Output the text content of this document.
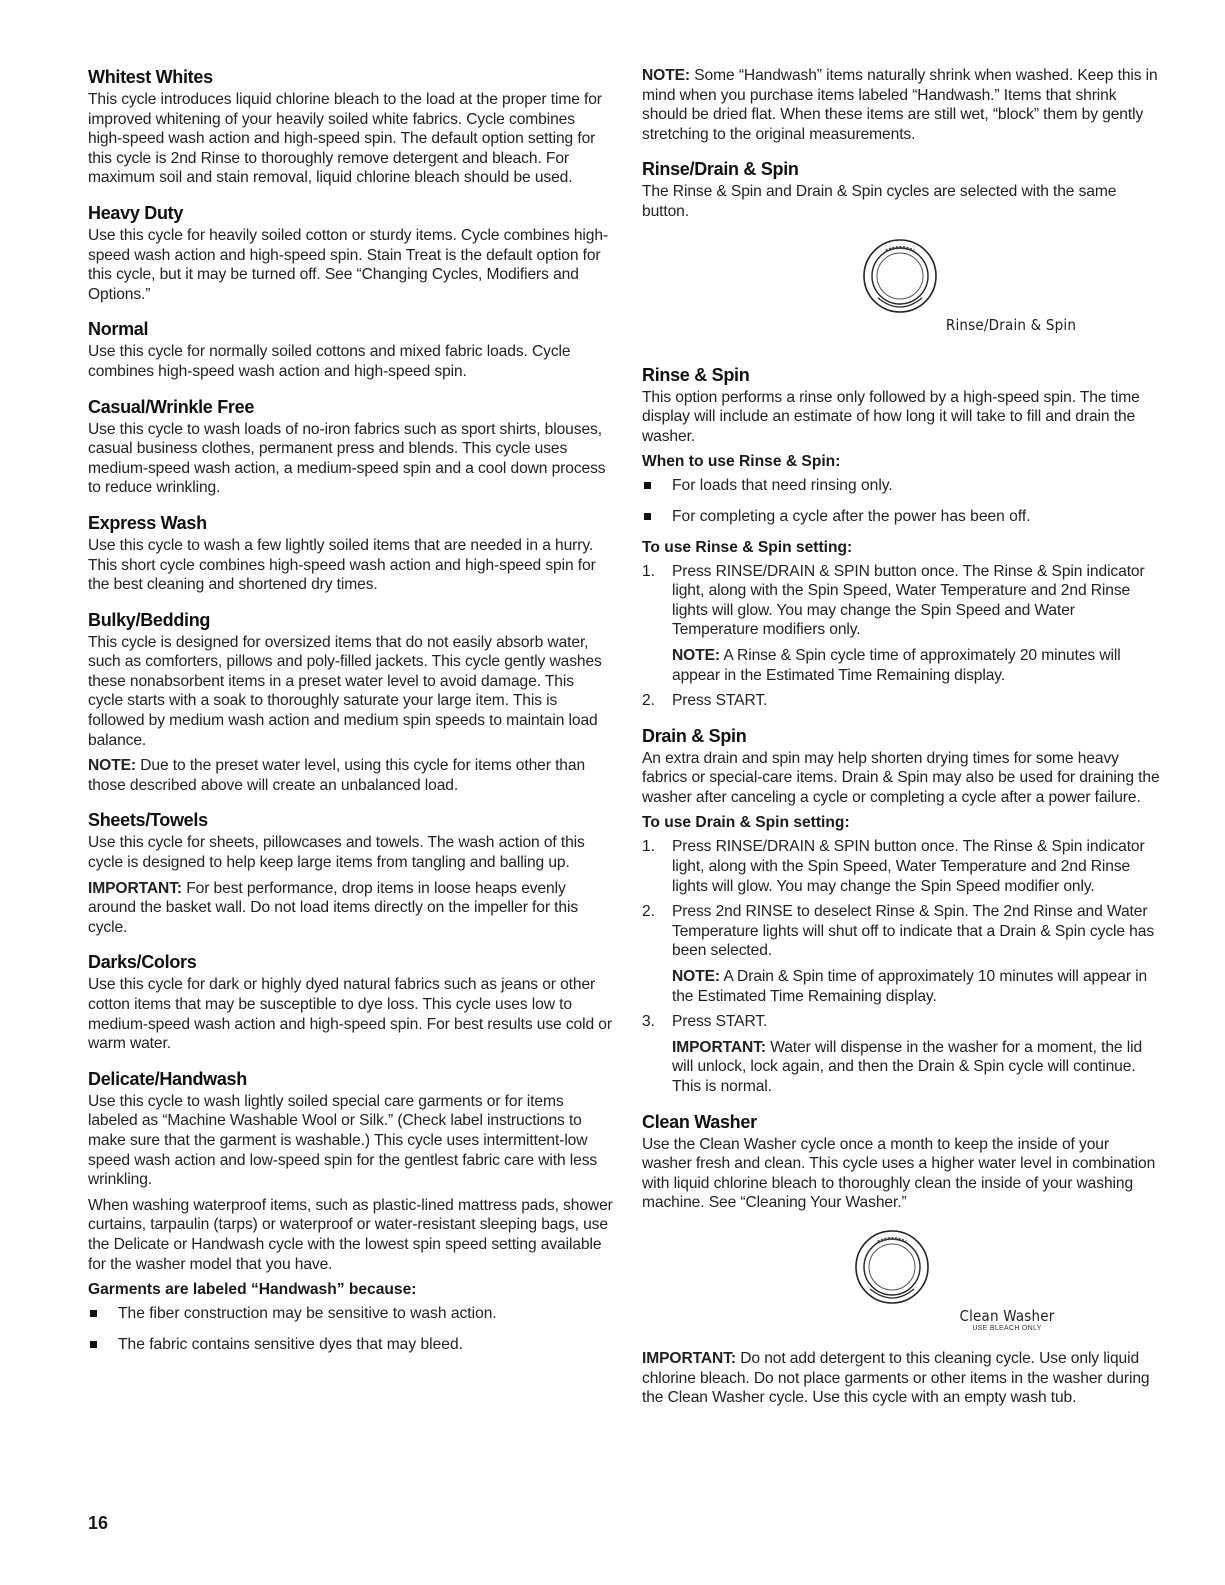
Whitest Whites

This cycle introduces liquid chlorine bleach to the load at the proper time for improved whitening of your heavily soiled white fabrics. Cycle combines high-speed wash action and high-speed spin. The default option setting for this cycle is 2nd Rinse to thoroughly remove detergent and bleach. For maximum soil and stain removal, liquid chlorine bleach should be used.

Heavy Duty

Use this cycle for heavily soiled cotton or sturdy items. Cycle combines high-speed wash action and high-speed spin. Stain Treat is the default option for this cycle, but it may be turned off. See “Changing Cycles, Modifiers and Options.”

Normal

Use this cycle for normally soiled cottons and mixed fabric loads. Cycle combines high-speed wash action and high-speed spin.

Casual/Wrinkle Free

Use this cycle to wash loads of no-iron fabrics such as sport shirts, blouses, casual business clothes, permanent press and blends. This cycle uses medium-speed wash action, a medium-speed spin and a cool down process to reduce wrinkling.

Express Wash

Use this cycle to wash a few lightly soiled items that are needed in a hurry. This short cycle combines high-speed wash action and high-speed spin for the best cleaning and shortened dry times.

Bulky/Bedding

This cycle is designed for oversized items that do not easily absorb water, such as comforters, pillows and poly-filled jackets. This cycle gently washes these nonabsorbent items in a preset water level to avoid damage. This cycle starts with a soak to thoroughly saturate your large item. This is followed by medium wash action and medium spin speeds to maintain load balance.

NOTE: Due to the preset water level, using this cycle for items other than those described above will create an unbalanced load.

Sheets/Towels

Use this cycle for sheets, pillowcases and towels. The wash action of this cycle is designed to help keep large items from tangling and balling up.

IMPORTANT: For best performance, drop items in loose heaps evenly around the basket wall. Do not load items directly on the impeller for this cycle.

Darks/Colors

Use this cycle for dark or highly dyed natural fabrics such as jeans or other cotton items that may be susceptible to dye loss. This cycle uses low to medium-speed wash action and high-speed spin. For best results use cold or warm water.

Delicate/Handwash

Use this cycle to wash lightly soiled special care garments or for items labeled as “Machine Washable Wool or Silk.” (Check label instructions to make sure that the garment is washable.) This cycle uses intermittent-low speed wash action and low-speed spin for the gentlest fabric care with less wrinkling.

When washing waterproof items, such as plastic-lined mattress pads, shower curtains, tarpaulin (tarps) or waterproof or water-resistant sleeping bags, use the Delicate or Handwash cycle with the lowest spin speed setting available for the washer model that you have.

Garments are labeled “Handwash” because:
The fiber construction may be sensitive to wash action.
The fabric contains sensitive dyes that may bleed.

NOTE: Some “Handwash” items naturally shrink when washed. Keep this in mind when you purchase items labeled “Handwash.” Items that shrink should be dried flat. When these items are still wet, “block” them by gently stretching to the original measurements.

Rinse/Drain & Spin

The Rinse & Spin and Drain & Spin cycles are selected with the same button.

Rinse/Drain & Spin
Rinse & Spin

This option performs a rinse only followed by a high-speed spin. The time display will include an estimate of how long it will take to fill and drain the washer.

When to use Rinse & Spin:
For loads that need rinsing only.
For completing a cycle after the power has been off.
To use Rinse & Spin setting:
1. Press RINSE/DRAIN & SPIN button once. The Rinse & Spin indicator light, along with the Spin Speed, Water Temperature and 2nd Rinse lights will glow. You may change the Spin Speed and Water Temperature modifiers only.

NOTE: A Rinse & Spin cycle time of approximately 20 minutes will appear in the Estimated Time Remaining display.

2. Press START.

Drain & Spin

An extra drain and spin may help shorten drying times for some heavy fabrics or special-care items. Drain & Spin may also be used for draining the washer after canceling a cycle or completing a cycle after a power failure.

To use Drain & Spin setting:
1. Press RINSE/DRAIN & SPIN button once. The Rinse & Spin indicator light, along with the Spin Speed, Water Temperature and 2nd Rinse lights will glow. You may change the Spin Speed modifier only.

2. Press 2nd RINSE to deselect Rinse & Spin. The 2nd Rinse and Water Temperature lights will shut off to indicate that a Drain & Spin cycle has been selected.

NOTE: A Drain & Spin time of approximately 10 minutes will appear in the Estimated Time Remaining display.

3. Press START.

IMPORTANT: Water will dispense in the washer for a moment, the lid will unlock, lock again, and then the Drain & Spin cycle will continue. This is normal.

Clean Washer

Use the Clean Washer cycle once a month to keep the inside of your washer fresh and clean. This cycle uses a higher water level in combination with liquid chlorine bleach to thoroughly clean the inside of your washing machine. See “Cleaning Your Washer.”

Clean Washer
USE BLEACH ONLY

IMPORTANT: Do not add detergent to this cleaning cycle. Use only liquid chlorine bleach. Do not place garments or other items in the washer during the Clean Washer cycle. Use this cycle with an empty wash tub.

16
